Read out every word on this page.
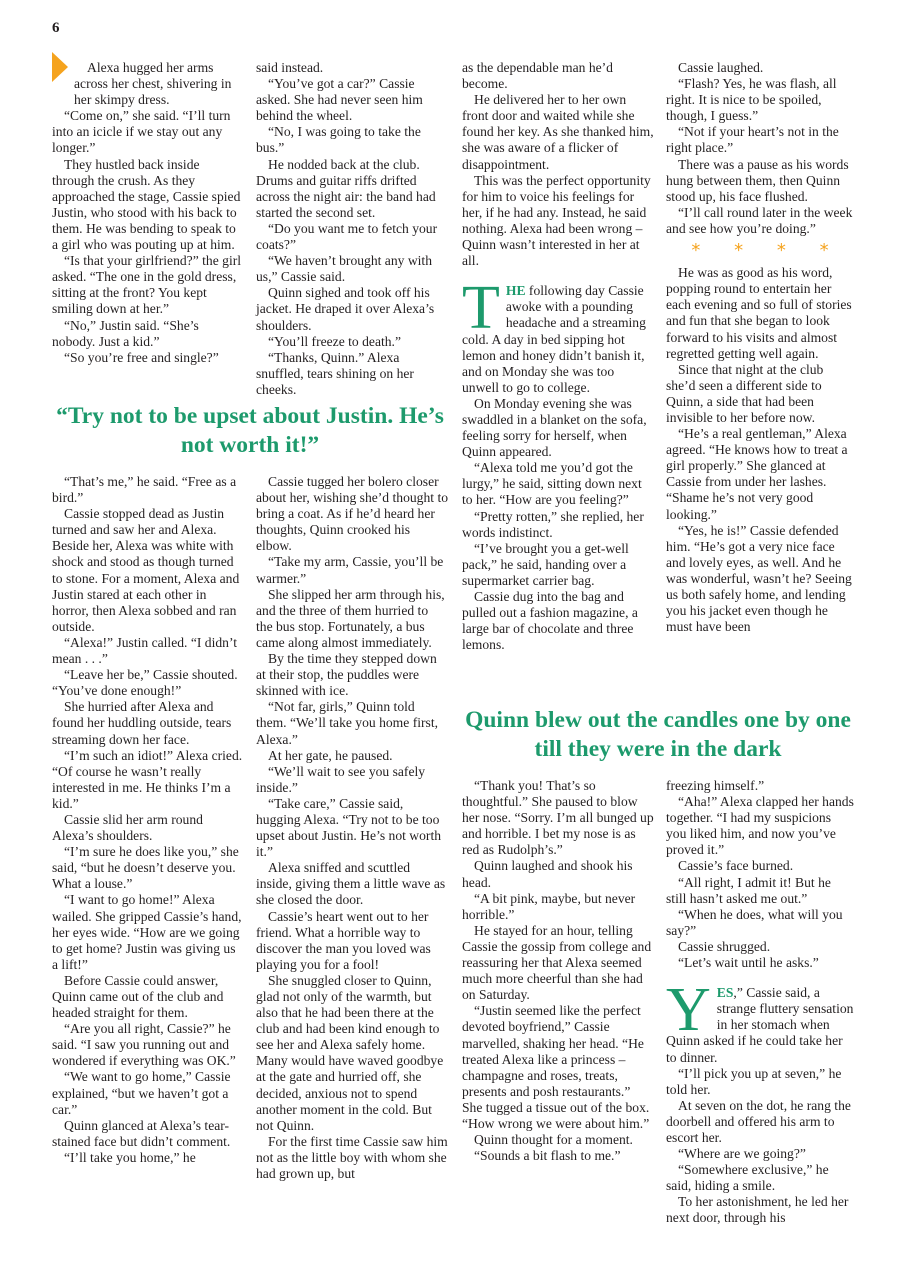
6

Alexa hugged her arms

across her chest, shivering in her skimpy dress.

“Come on,” she said. “I’ll turn into an icicle if we stay out any longer.”

They hustled back inside through the crush. As they approached the stage, Cassie spied Justin, who stood with his back to them. He was bending to speak to a girl who was pouting up at him.

“Is that your girlfriend?” the girl asked. “The one in the gold dress, sitting at the front? You kept smiling down at her.”

“No,” Justin said. “She’s nobody. Just a kid.”

“So you’re free and single?”

said instead.

“You’ve got a car?” Cassie asked. She had never seen him behind the wheel.

“No, I was going to take the bus.”

He nodded back at the club. Drums and guitar riffs drifted across the night air: the band had started the second set.

“Do you want me to fetch your coats?”

“We haven’t brought any with us,” Cassie said.

Quinn sighed and took off his jacket. He draped it over Alexa’s shoulders.

“You’ll freeze to death.”

“Thanks, Quinn.” Alexa snuffled, tears shining on her cheeks.

“Try not to be upset about Justin. He’s not worth it!”

“That’s me,” he said. “Free as a bird.”

Cassie stopped dead as Justin turned and saw her and Alexa. Beside her, Alexa was white with shock and stood as though turned to stone. For a moment, Alexa and Justin stared at each other in horror, then Alexa sobbed and ran outside.

“Alexa!” Justin called. “I didn’t mean . . .”

“Leave her be,” Cassie shouted. “You’ve done enough!”

She hurried after Alexa and found her huddling outside, tears streaming down her face.

“I’m such an idiot!” Alexa cried. “Of course he wasn’t really interested in me. He thinks I’m a kid.”

Cassie slid her arm round Alexa’s shoulders.

“I’m sure he does like you,” she said, “but he doesn’t deserve you. What a louse.”

“I want to go home!” Alexa wailed. She gripped Cassie’s hand, her eyes wide. “How are we going to get home? Justin was giving us a lift!”

Before Cassie could answer, Quinn came out of the club and headed straight for them.

“Are you all right, Cassie?” he said. “I saw you running out and wondered if everything was OK.”

“We want to go home,” Cassie explained, “but we haven’t got a car.”

Quinn glanced at Alexa’s tear-stained face but didn’t comment.

“I’ll take you home,” he

Cassie tugged her bolero closer about her, wishing she’d thought to bring a coat. As if he’d heard her thoughts, Quinn crooked his elbow.

“Take my arm, Cassie, you’ll be warmer.”

She slipped her arm through his, and the three of them hurried to the bus stop. Fortunately, a bus came along almost immediately.

By the time they stepped down at their stop, the puddles were skinned with ice.

“Not far, girls,” Quinn told them. “We’ll take you home first, Alexa.”

At her gate, he paused.

“We’ll wait to see you safely inside.”

“Take care,” Cassie said, hugging Alexa. “Try not to be too upset about Justin. He’s not worth it.”

Alexa sniffed and scuttled inside, giving them a little wave as she closed the door.

Cassie’s heart went out to her friend. What a horrible way to discover the man you loved was playing you for a fool!

She snuggled closer to Quinn, glad not only of the warmth, but also that he had been there at the club and had been kind enough to see her and Alexa safely home. Many would have waved goodbye at the gate and hurried off, she decided, anxious not to spend another moment in the cold. But not Quinn.

For the first time Cassie saw him not as the little boy with whom she had grown up, but

as the dependable man he’d become.

He delivered her to her own front door and waited while she found her key. As she thanked him, she was aware of a flicker of disappointment.

This was the perfect opportunity for him to voice his feelings for her, if he had any. Instead, he said nothing. Alexa had been wrong – Quinn wasn’t interested in her at all.

THE following day Cassie awoke with a pounding headache and a streaming cold. A day in bed sipping hot lemon and honey didn’t banish it, and on Monday she was too unwell to go to college.

On Monday evening she was swaddled in a blanket on the sofa, feeling sorry for herself, when Quinn appeared.

“Alexa told me you’d got the lurgy,” he said, sitting down next to her. “How are you feeling?”

“Pretty rotten,” she replied, her words indistinct.

“I’ve brought you a get-well pack,” he said, handing over a supermarket carrier bag.

Cassie dug into the bag and pulled out a fashion magazine, a large bar of chocolate and three lemons.

Cassie laughed.

“Flash? Yes, he was flash, all right. It is nice to be spoiled, though, I guess.”

“Not if your heart’s not in the right place.”

There was a pause as his words hung between them, then Quinn stood up, his face flushed.

“I’ll call round later in the week and see how you’re doing.”

* * * *

He was as good as his word, popping round to entertain her each evening and so full of stories and fun that she began to look forward to his visits and almost regretted getting well again.

Since that night at the club she’d seen a different side to Quinn, a side that had been invisible to her before now.

“He’s a real gentleman,” Alexa agreed. “He knows how to treat a girl properly.” She glanced at Cassie from under her lashes. “Shame he’s not very good looking.”

“Yes, he is!” Cassie defended him. “He’s got a very nice face and lovely eyes, as well. And he was wonderful, wasn’t he? Seeing us both safely home, and lending you his jacket even though he must have been

Quinn blew out the candles one by one till they were in the dark

“Thank you! That’s so thoughtful.” She paused to blow her nose. “Sorry. I’m all bunged up and horrible. I bet my nose is as red as Rudolph’s.”

Quinn laughed and shook his head.

“A bit pink, maybe, but never horrible.”

He stayed for an hour, telling Cassie the gossip from college and reassuring her that Alexa seemed much more cheerful than she had on Saturday.

“Justin seemed like the perfect devoted boyfriend,” Cassie marvelled, shaking her head. “He treated Alexa like a princess – champagne and roses, treats, presents and posh restaurants.” She tugged a tissue out of the box. “How wrong we were about him.”

Quinn thought for a moment.

“Sounds a bit flash to me.”

freezing himself.”

“Aha!” Alexa clapped her hands together. “I had my suspicions you liked him, and now you’ve proved it.”

Cassie’s face burned.

“All right, I admit it! But he still hasn’t asked me out.”

“When he does, what will you say?”

Cassie shrugged.

“Let’s wait until he asks.”

YES,” Cassie said, a strange fluttery sensation in her stomach when Quinn asked if he could take her to dinner.

“I’ll pick you up at seven,” he told her.

At seven on the dot, he rang the doorbell and offered his arm to escort her.

“Where are we going?”

“Somewhere exclusive,” he said, hiding a smile.

To her astonishment, he led her next door, through his
